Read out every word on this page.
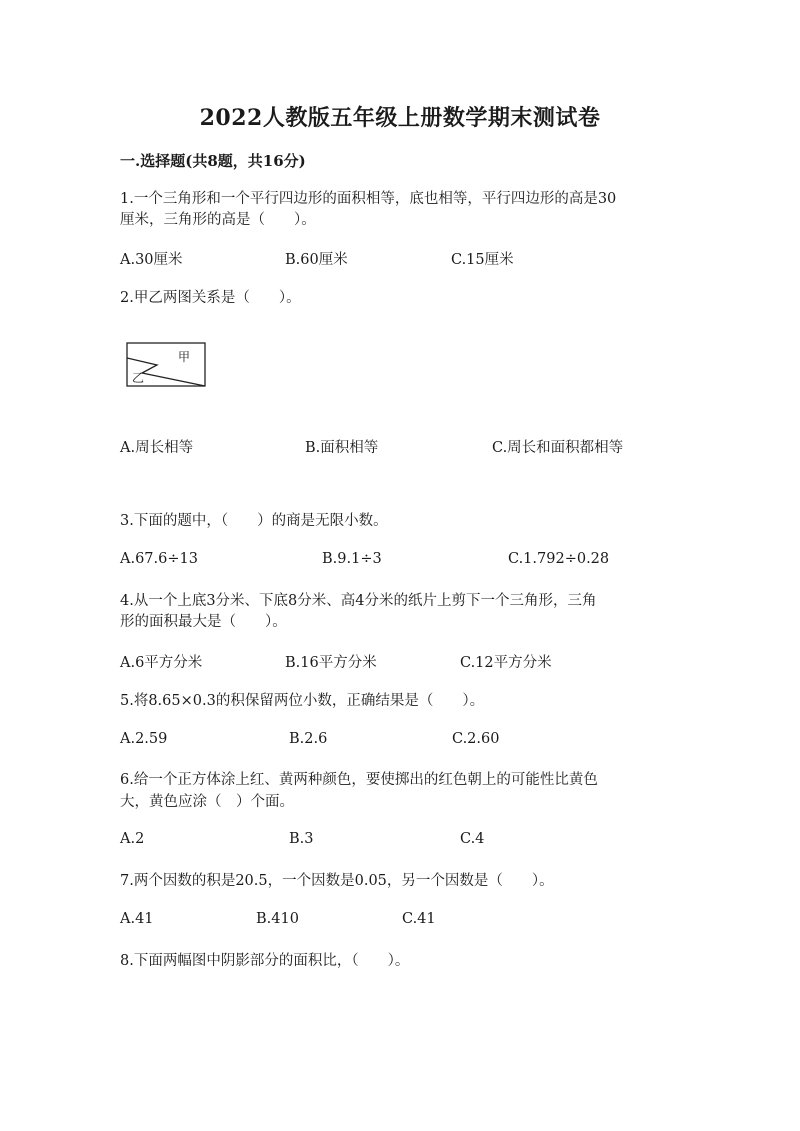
2022人教版五年级上册数学期末测试卷
一.选择题(共8题，共16分)
1.一个三角形和一个平行四边形的面积相等，底也相等，平行四边形的高是30
厘米，三角形的高是（　　）。
A.30厘米	B.60厘米	C.15厘米
2.甲乙两图关系是（　　）。
甲
乙
A.周长相等	B.面积相等	C.周长和面积都相等
3.下面的题中，（　　）的商是无限小数。
A.67.6÷13	B.9.1÷3	C.1.792÷0.28
4.从一个上底3分米、下底8分米、高4分米的纸片上剪下一个三角形，三角
形的面积最大是（　　）。
A.6平方分米	B.16平方分米	C.12平方分米
5.将8.65×0.3的积保留两位小数，正确结果是（　　）。
A.2.59	B.2.6	C.2.60
6.给一个正方体涂上红、黄两种颜色，要使掷出的红色朝上的可能性比黄色
大，黄色应涂（　）个面。
A.2	B.3	C.4
7.两个因数的积是20.5，一个因数是0.05，另一个因数是（　　）。
A.41	B.410	C.41
8.下面两幅图中阴影部分的面积比，（　　）。
